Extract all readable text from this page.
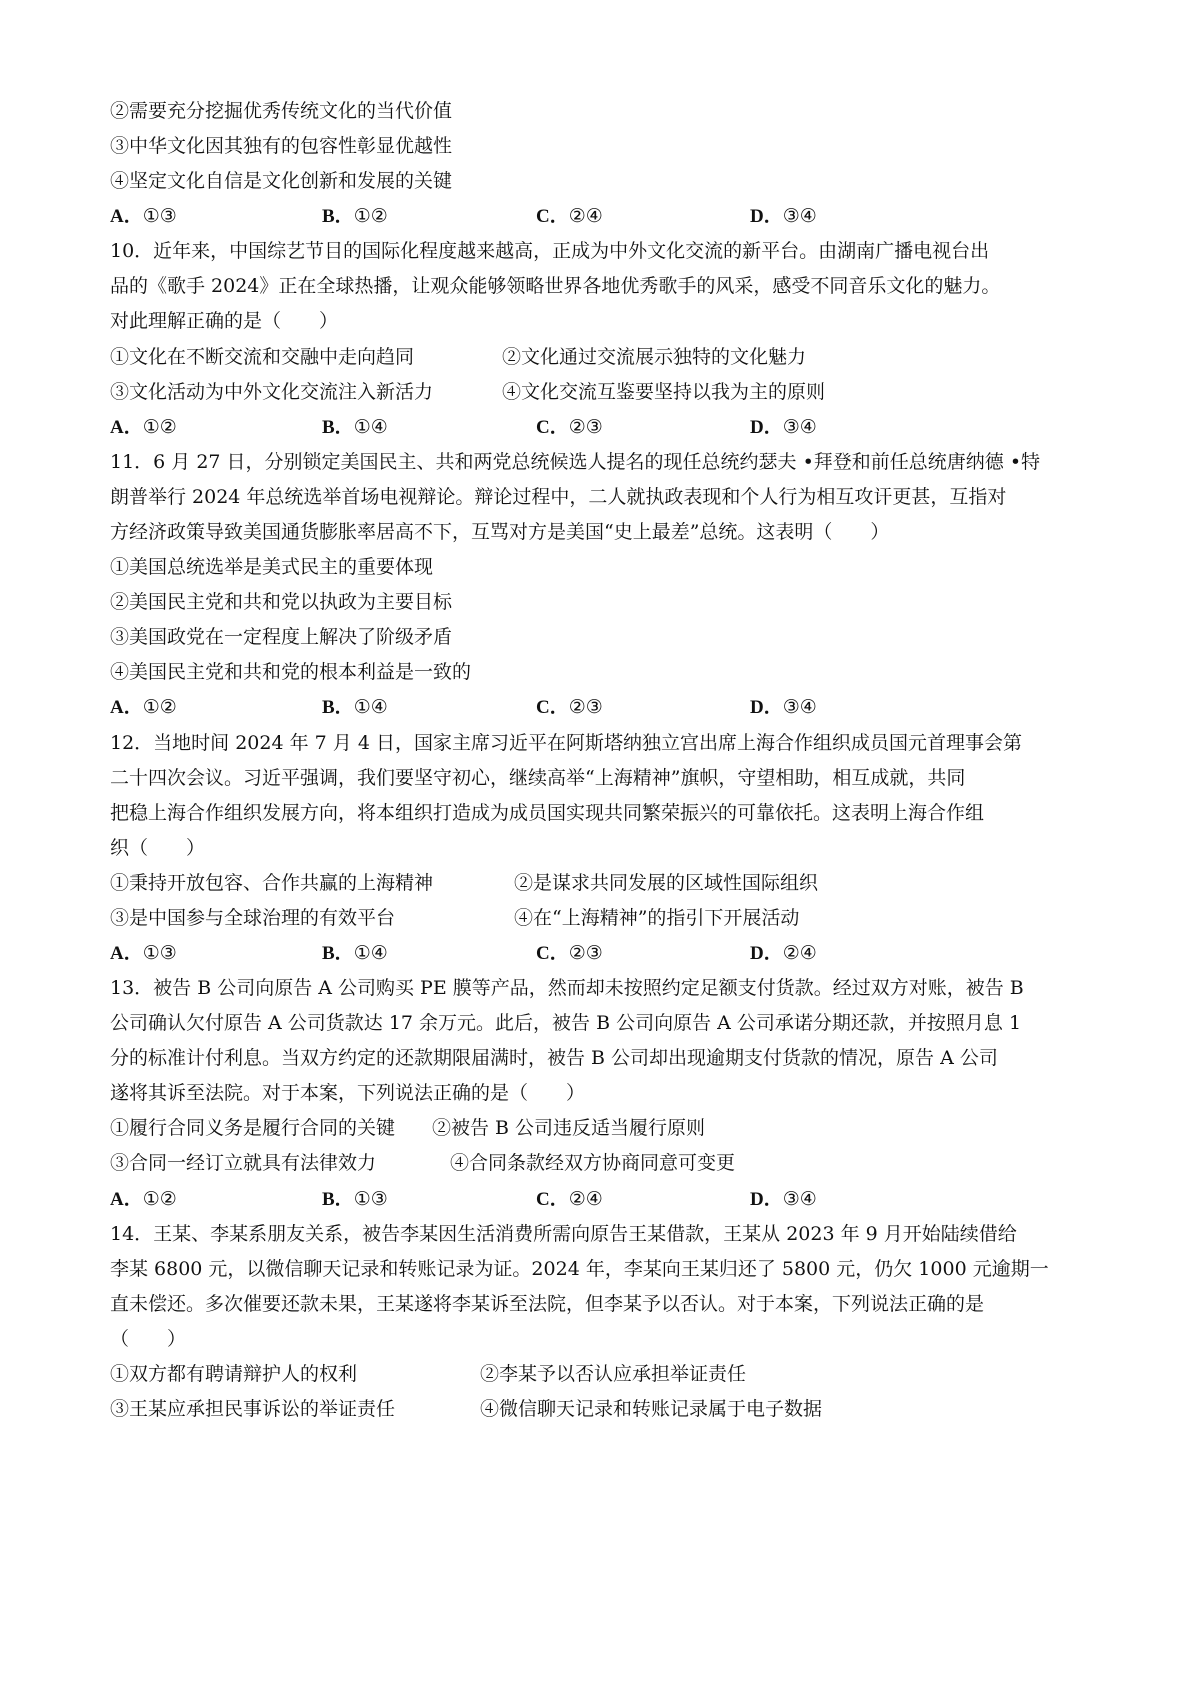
②需要充分挖掘优秀传统文化的当代价值
③中华文化因其独有的包容性彰显优越性
④坚定文化自信是文化创新和发展的关键
A．①③	B．①②	C．②④	D．③④
10．近年来，中国综艺节目的国际化程度越来越高，正成为中外文化交流的新平台。由湖南广播电视台出
品的《歌手 2024》正在全球热播，让观众能够领略世界各地优秀歌手的风采，感受不同音乐文化的魅力。
对此理解正确的是（　　）
①文化在不断交流和交融中走向趋同	②文化通过交流展示独特的文化魅力
③文化活动为中外文化交流注入新活力	④文化交流互鉴要坚持以我为主的原则
A．①②	B．①④	C．②③	D．③④
11．6 月 27 日，分别锁定美国民主、共和两党总统候选人提名的现任总统约瑟夫 •拜登和前任总统唐纳德 •特
朗普举行 2024 年总统选举首场电视辩论。辩论过程中，二人就执政表现和个人行为相互攻讦更甚，互指对
方经济政策导致美国通货膨胀率居高不下，互骂对方是美国“史上最差”总统。这表明（　　）
①美国总统选举是美式民主的重要体现
②美国民主党和共和党以执政为主要目标
③美国政党在一定程度上解决了阶级矛盾
④美国民主党和共和党的根本利益是一致的
A．①②	B．①④	C．②③	D．③④
12．当地时间 2024 年 7 月 4 日，国家主席习近平在阿斯塔纳独立宫出席上海合作组织成员国元首理事会第
二十四次会议。习近平强调，我们要坚守初心，继续高举“上海精神”旗帜，守望相助，相互成就，共同
把稳上海合作组织发展方向，将本组织打造成为成员国实现共同繁荣振兴的可靠依托。这表明上海合作组
织（　　）
①秉持开放包容、合作共赢的上海精神	②是谋求共同发展的区域性国际组织
③是中国参与全球治理的有效平台	④在“上海精神”的指引下开展活动
A．①③	B．①④	C．②③	D．②④
13．被告 B 公司向原告 A 公司购买 PE 膜等产品，然而却未按照约定足额支付货款。经过双方对账，被告 B
公司确认欠付原告 A 公司货款达 17 余万元。此后，被告 B 公司向原告 A 公司承诺分期还款，并按照月息 1
分的标准计付利息。当双方约定的还款期限届满时，被告 B 公司却出现逾期支付货款的情况，原告 A 公司
遂将其诉至法院。对于本案，下列说法正确的是（　　）
①履行合同义务是履行合同的关键 ②被告 B 公司违反适当履行原则
③合同一经订立就具有法律效力	④合同条款经双方协商同意可变更
A．①②	B．①③	C．②④	D．③④
14．王某、李某系朋友关系，被告李某因生活消费所需向原告王某借款，王某从 2023 年 9 月开始陆续借给
李某 6800 元，以微信聊天记录和转账记录为证。2024 年，李某向王某归还了 5800 元，仍欠 1000 元逾期一
直未偿还。多次催要还款未果，王某遂将李某诉至法院，但李某予以否认。对于本案，下列说法正确的是
（　　）
①双方都有聘请辩护人的权利	②李某予以否认应承担举证责任
③王某应承担民事诉讼的举证责任	④微信聊天记录和转账记录属于电子数据
